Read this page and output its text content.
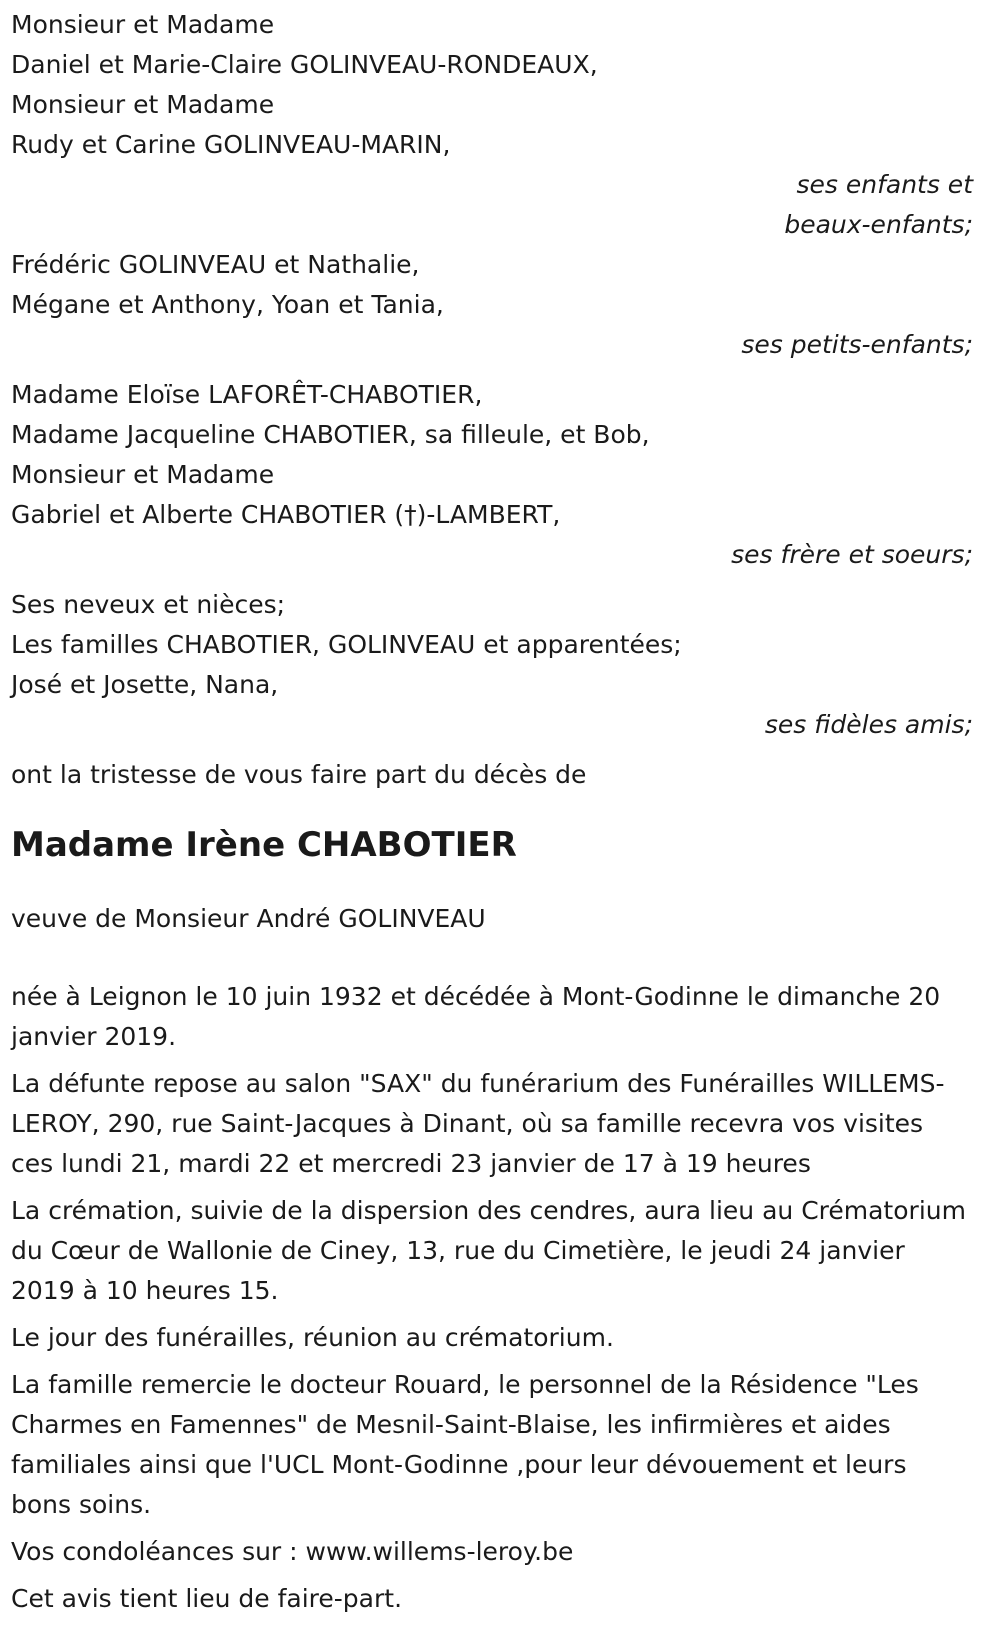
Monsieur et Madame
Daniel et Marie-Claire GOLINVEAU-RONDEAUX,
Monsieur et Madame
Rudy et Carine GOLINVEAU-MARIN,
ses enfants et
beaux-enfants;
Frédéric GOLINVEAU et Nathalie,
Mégane et Anthony, Yoan et Tania,
ses petits-enfants;
Madame Eloïse LAFORÊT-CHABOTIER,
Madame Jacqueline CHABOTIER, sa filleule, et Bob,
Monsieur et Madame
Gabriel et Alberte CHABOTIER (†)-LAMBERT,
ses frère et soeurs;
Ses neveux et nièces;
Les familles CHABOTIER, GOLINVEAU et apparentées;
José et Josette, Nana,
ses fidèles amis;
ont la tristesse de vous faire part du décès de
Madame Irène CHABOTIER
veuve de Monsieur André GOLINVEAU
née à Leignon le 10 juin 1932 et décédée à Mont-Godinne le dimanche 20 janvier 2019.
La défunte repose au salon "SAX" du funérarium des Funérailles WILLEMS-LEROY, 290, rue Saint-Jacques à Dinant, où sa famille recevra vos visites ces lundi 21, mardi 22 et mercredi 23 janvier de 17 à 19 heures
La crémation, suivie de la dispersion des cendres, aura lieu au Crématorium du Cœur de Wallonie de Ciney, 13, rue du Cimetière, le jeudi 24 janvier 2019 à 10 heures 15.
Le jour des funérailles, réunion au crématorium.
La famille remercie le docteur Rouard, le personnel de la Résidence "Les Charmes en Famennes" de Mesnil-Saint-Blaise, les infirmières et aides familiales ainsi que l'UCL Mont-Godinne ,pour leur dévouement et leurs bons soins.
Vos condoléances sur : www.willems-leroy.be
Cet avis tient lieu de faire-part.
